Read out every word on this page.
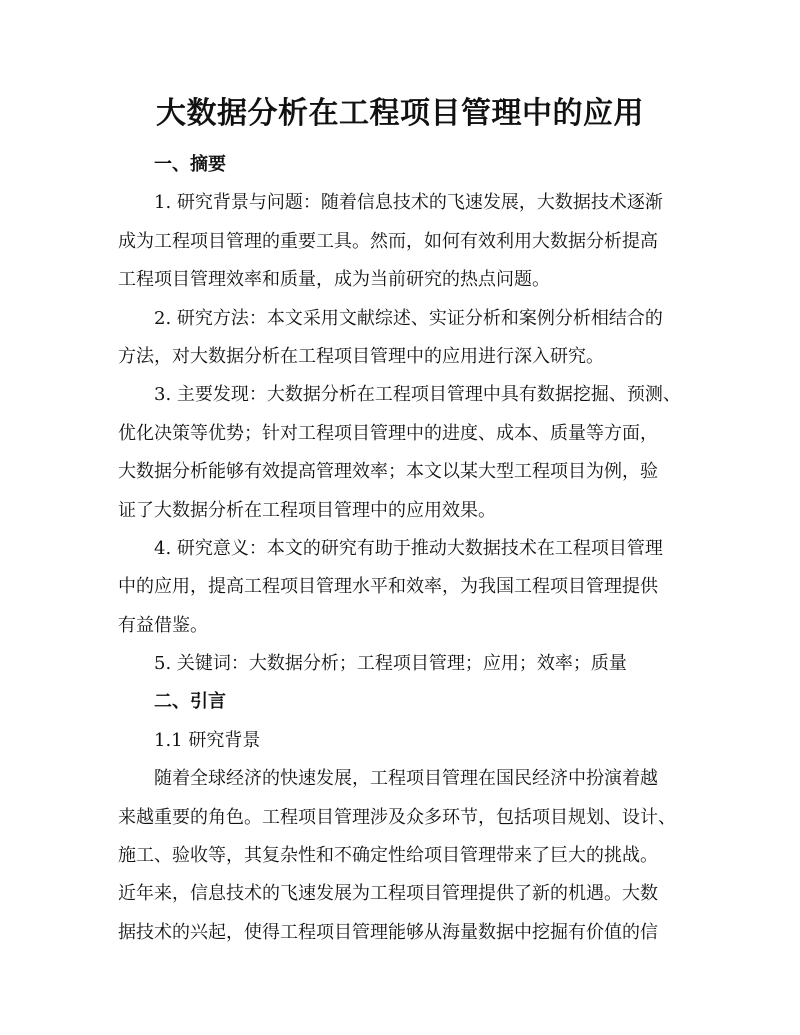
大数据分析在工程项目管理中的应用
一、摘要
1. 研究背景与问题：随着信息技术的飞速发展，大数据技术逐渐
成为工程项目管理的重要工具。然而，如何有效利用大数据分析提高
工程项目管理效率和质量，成为当前研究的热点问题。
2. 研究方法：本文采用文献综述、实证分析和案例分析相结合的
方法，对大数据分析在工程项目管理中的应用进行深入研究。
3. 主要发现：大数据分析在工程项目管理中具有数据挖掘、预测、
优化决策等优势；针对工程项目管理中的进度、成本、质量等方面，
大数据分析能够有效提高管理效率；本文以某大型工程项目为例，验
证了大数据分析在工程项目管理中的应用效果。
4. 研究意义：本文的研究有助于推动大数据技术在工程项目管理
中的应用，提高工程项目管理水平和效率，为我国工程项目管理提供
有益借鉴。
5. 关键词：大数据分析；工程项目管理；应用；效率；质量
二、引言
1.1 研究背景
随着全球经济的快速发展，工程项目管理在国民经济中扮演着越
来越重要的角色。工程项目管理涉及众多环节，包括项目规划、设计、
施工、验收等，其复杂性和不确定性给项目管理带来了巨大的挑战。
近年来，信息技术的飞速发展为工程项目管理提供了新的机遇。大数
据技术的兴起，使得工程项目管理能够从海量数据中挖掘有价值的信
